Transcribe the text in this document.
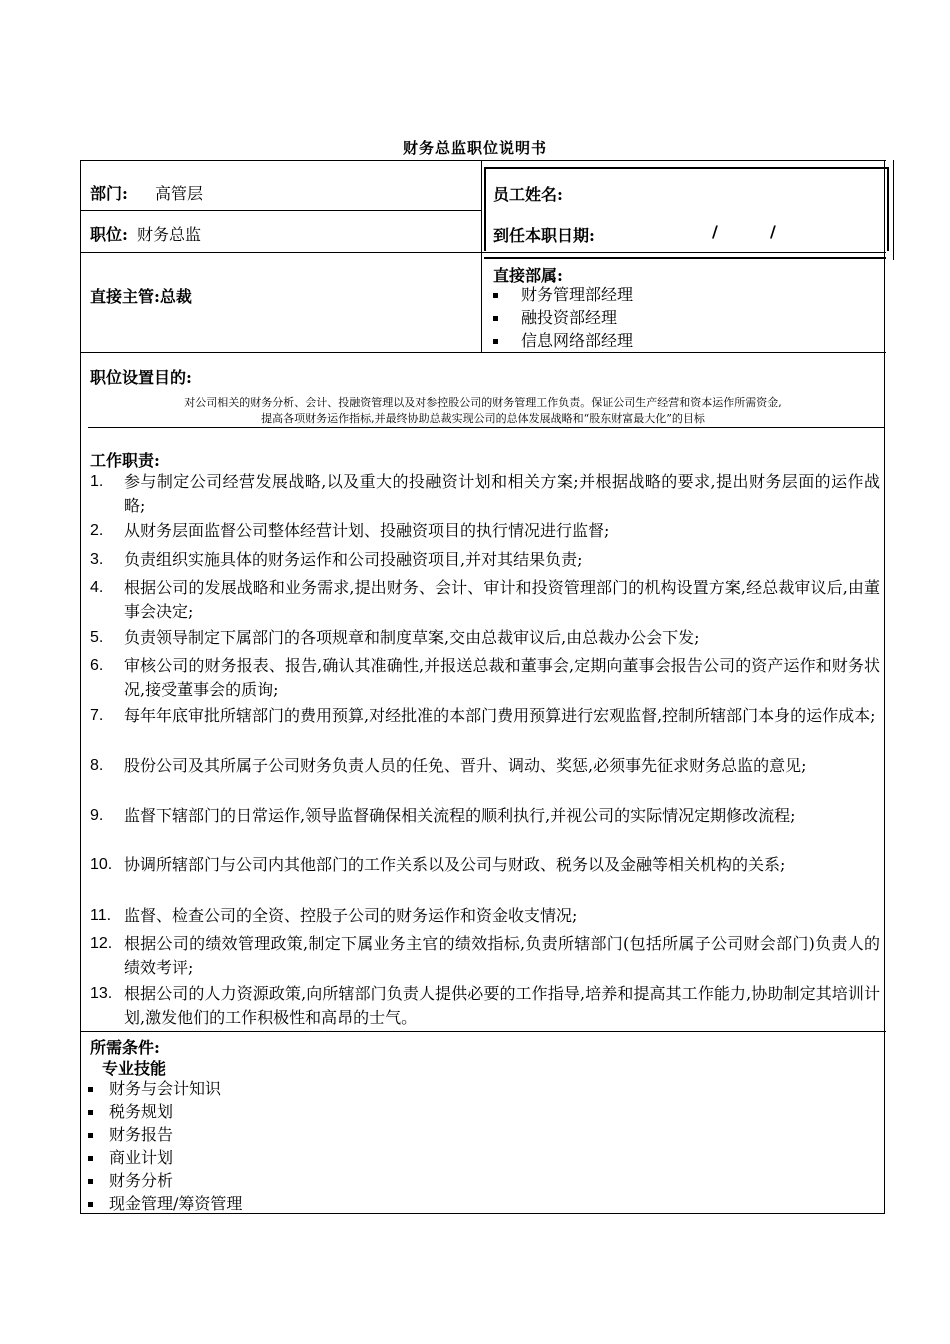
财务总监职位说明书
部门: 高管层	员工姓名:
职位: 财务总监	到任本职日期:	/	/
直接主管:总裁
直接部属:
财务管理部经理
融投资部经理
信息网络部经理
职位设置目的:
对公司相关的财务分析、会计、投融资管理以及对参控股公司的财务管理工作负责。保证公司生产经营和资本运作所需资金,
提高各项财务运作指标,并最终协助总裁实现公司的总体发展战略和“股东财富最大化”的目标
工作职责:
1. 参与制定公司经营发展战略,以及重大的投融资计划和相关方案;并根据战略的要求,提出财务层面的运作战略;
2. 从财务层面监督公司整体经营计划、投融资项目的执行情况进行监督;
3. 负责组织实施具体的财务运作和公司投融资项目,并对其结果负责;
4. 根据公司的发展战略和业务需求,提出财务、会计、审计和投资管理部门的机构设置方案,经总裁审议后,由董事会决定;
5. 负责领导制定下属部门的各项规章和制度草案,交由总裁审议后,由总裁办公会下发;
6. 审核公司的财务报表、报告,确认其准确性,并报送总裁和董事会,定期向董事会报告公司的资产运作和财务状况,接受董事会的质询;
7. 每年年底审批所辖部门的费用预算,对经批准的本部门费用预算进行宏观监督,控制所辖部门本身的运作成本;
8. 股份公司及其所属子公司财务负责人员的任免、晋升、调动、奖惩,必须事先征求财务总监的意见;
9. 监督下辖部门的日常运作,领导监督确保相关流程的顺利执行,并视公司的实际情况定期修改流程;
10. 协调所辖部门与公司内其他部门的工作关系以及公司与财政、税务以及金融等相关机构的关系;
11. 监督、检查公司的全资、控股子公司的财务运作和资金收支情况;
12. 根据公司的绩效管理政策,制定下属业务主官的绩效指标,负责所辖部门(包括所属子公司财会部门)负责人的绩效考评;
13. 根据公司的人力资源政策,向所辖部门负责人提供必要的工作指导,培养和提高其工作能力,协助制定其培训计划,激发他们的工作积极性和高昂的士气。
所需条件:
专业技能
财务与会计知识
税务规划
财务报告
商业计划
财务分析
现金管理/筹资管理
